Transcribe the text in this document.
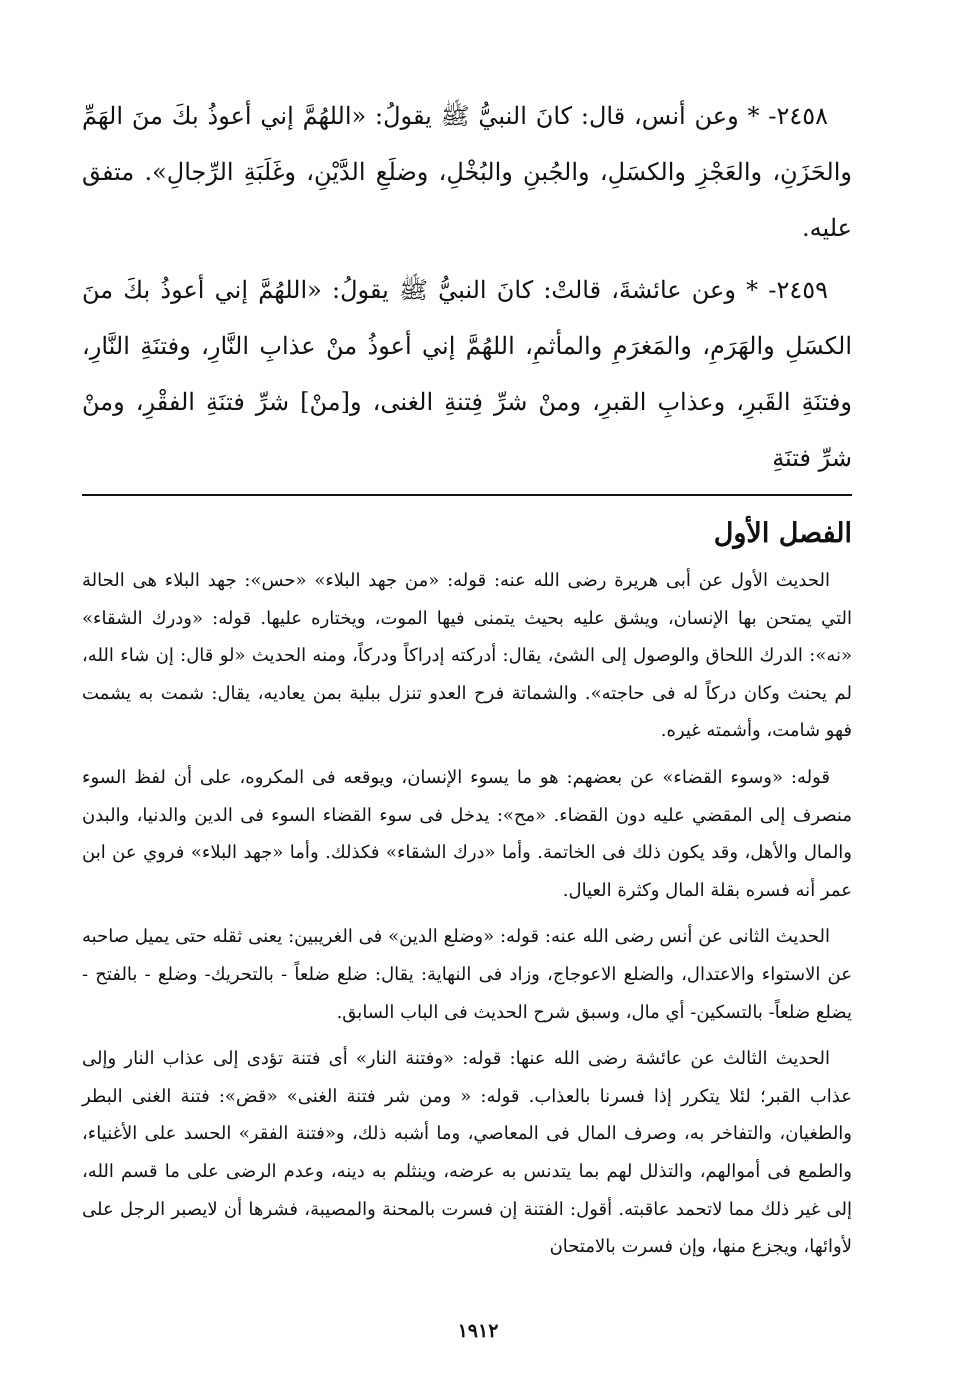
٢٤٥٨- * وعن أنس، قال: كانَ النبيُّ ﷺ يقولُ: «اللهُمَّ إني أعوذُ بكَ منَ الهَمِّ والحَزَنِ، والعَجْزِ والكسَلِ، والجُبنِ والبُخْلِ، وضلَعِ الدَّيْنِ، وغَلَبَةِ الرِّجالِ». متفق عليه.

٢٤٥٩- * وعن عائشةَ، قالتْ: كانَ النبيُّ ﷺ يقولُ: «اللهُمَّ إني أعوذُ بكَ منَ الكسَلِ والهَرَمِ، والمَغرَمِ والمأثمِ، اللهُمَّ إني أعوذُ منْ عذابِ النَّارِ، وفتنَةِ النَّارِ، وفتنَةِ القَبرِ، وعذابِ القبرِ، ومنْ شرِّ فِتنةِ الغنى، و[منْ] شرِّ فتنَةِ الفقْرِ، ومنْ شرِّ فتنَةِ

الفصل الأول

الحديث الأول عن أبى هريرة رضى الله عنه: قوله: «من جهد البلاء» «حس»: جهد البلاء هى الحالة التي يمتحن بها الإنسان، ويشق عليه بحيث يتمنى فيها الموت، ويختاره عليها. قوله: «ودرك الشقاء» «نه»: الدرك اللحاق والوصول إلى الشئ، يقال: أدركته إدراكاً ودركاً، ومنه الحديث «لو قال: إن شاء الله، لم يحنث وكان دركاً له فى حاجته». والشماتة فرح العدو تنزل ببلية بمن يعاديه، يقال: شمت به يشمت فهو شامت، وأشمته غيره.

قوله: «وسوء القضاء» عن بعضهم: هو ما يسوء الإنسان، ويوقعه فى المكروه، على أن لفظ السوء منصرف إلى المقضي عليه دون القضاء. «مح»: يدخل فى سوء القضاء السوء فى الدين والدنيا، والبدن والمال والأهل، وقد يكون ذلك فى الخاتمة. وأما «درك الشقاء» فكذلك. وأما «جهد البلاء» فروي عن ابن عمر أنه فسره بقلة المال وكثرة العيال.

الحديث الثانى عن أنس رضى الله عنه: قوله: «وضلع الدين» فى الغريبين: يعنى ثقله حتى يميل صاحبه عن الاستواء والاعتدال، والضلع الاعوجاج، وزاد فى النهاية: يقال: ضلع ضلعاً - بالتحريك- وضلع - بالفتح - يضلع ضلعاً- بالتسكين- أي مال، وسبق شرح الحديث فى الباب السابق.

الحديث الثالث عن عائشة رضى الله عنها: قوله: «وفتنة النار» أى فتنة تؤدى إلى عذاب النار وإلى عذاب القبر؛ لئلا يتكرر إذا فسرنا بالعذاب. قوله: « ومن شر فتنة الغنى» «قض»: فتنة الغنى البطر والطغيان، والتفاخر به، وصرف المال فى المعاصي، وما أشبه ذلك، و«فتنة الفقر» الحسد على الأغنياء، والطمع فى أموالهم، والتذلل لهم بما يتدنس به عرضه، وينثلم به دينه، وعدم الرضى على ما قسم الله، إلى غير ذلك مما لاتحمد عاقبته. أقول: الفتنة إن فسرت بالمحنة والمصيبة، فشرها أن لايصبر الرجل على لأوائها، ويجزع منها، وإن فسرت بالامتحان

١٩١٢
